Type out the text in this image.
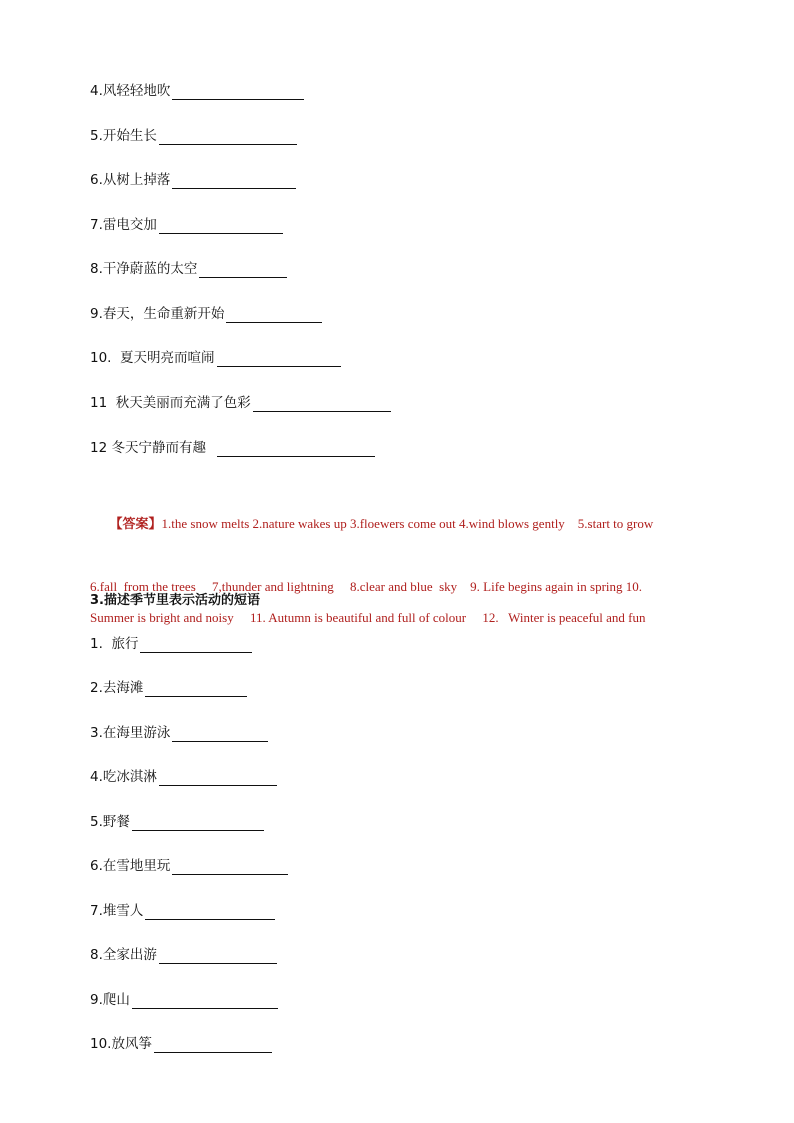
4.风轻轻地吹
5.开始生长
6.从树上掉落
7.雷电交加
8.干净蔚蓝的太空
9.春天，生命重新开始
10.  夏天明亮而喧闹
11  秋天美丽而充满了色彩
12 冬天宁静而有趣

【答案】1.the snow melts 2.nature wakes up 3.floewers come out 4.wind blows gently    5.start to grow

6.fall  from the trees     7,thunder and lightning     8.clear and blue  sky    9. Life begins again in spring 10.
Summer is bright and noisy     11. Autumn is beautiful and full of colour     12.   Winter is peaceful and fun
3.描述季节里表示活动的短语
1.  旅行
2.去海滩
3.在海里游泳
4.吃冰淇淋
5.野餐
6.在雪地里玩
7.堆雪人
8.全家出游
9.爬山
10.放风筝
